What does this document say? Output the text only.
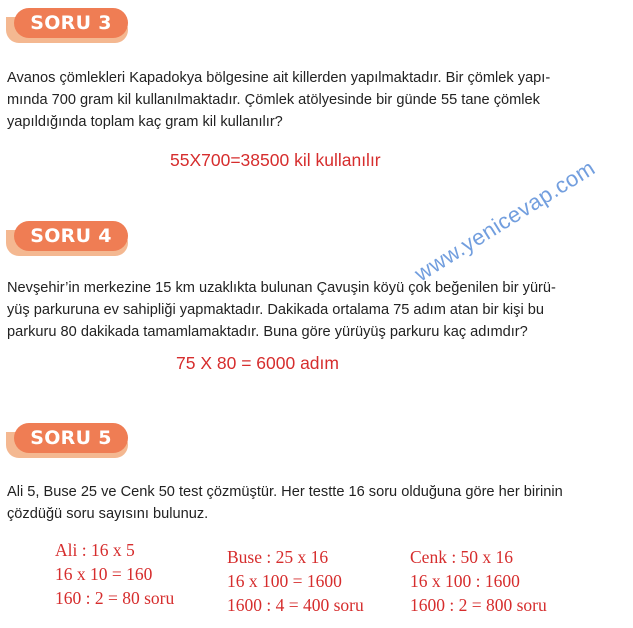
SORU 3

Avanos çömlekleri Kapadokya bölgesine ait killerden yapılmaktadır. Bir çömlek yapı-
mında 700 gram kil kullanılmaktadır. Çömlek atölyesinde bir günde 55 tane çömlek
yapıldığında toplam kaç gram kil kullanılır?

55X700=38500 kil kullanılır
SORU 4

Nevşehir’in merkezine 15 km uzaklıkta bulunan Çavuşin köyü çok beğenilen bir yürü-
yüş parkuruna ev sahipliği yapmaktadır. Dakikada ortalama 75 adım atan bir kişi bu
parkuru 80 dakikada tamamlamaktadır. Buna göre yürüyüş parkuru kaç adımdır?

75 X 80 = 6000 adım
SORU 5

Ali 5, Buse 25 ve Cenk 50 test çözmüştür. Her testte 16 soru olduğuna göre her birinin
çözdüğü soru sayısını bulunuz.

Ali : 16 x 5
16 x 10 = 160
160 : 2 = 80 soru
Buse : 25 x 16
16 x 100 = 1600
1600 : 4 = 400 soru
Cenk : 50 x 16
16 x 100 : 1600
1600 : 2 = 800 soru
www.yenicevap.com
